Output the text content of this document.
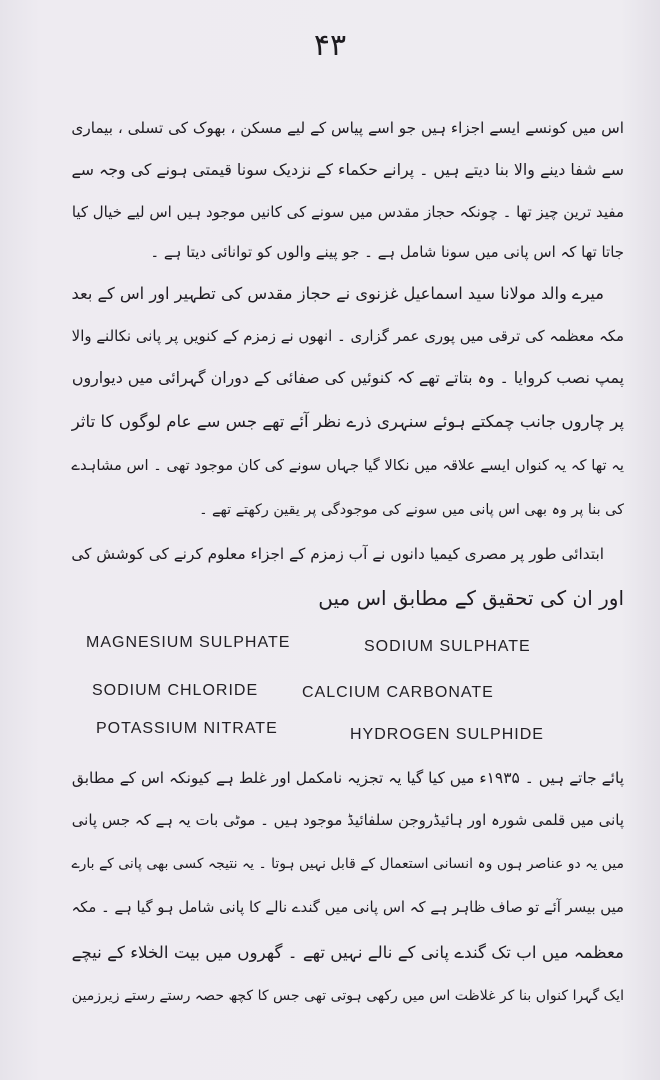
۴۳
اس میں کونسے ایسے اجزاء ہیں جو اسے پیاس کے لیے مسکن ، بھوک کی تسلی ، بیماری
سے شفا دینے والا بنا دیتے ہیں ۔ پرانے حکماء کے نزدیک سونا قیمتی ہونے کی وجہ سے
مفید ترین چیز تھا ۔ چونکہ حجاز مقدس میں سونے کی کانیں موجود ہیں اس لیے خیال کیا
جاتا تھا کہ اس پانی میں سونا شامل ہے ۔ جو پینے والوں کو توانائی دیتا ہے ۔
میرے والد مولانا سید اسماعیل غزنوی نے حجاز مقدس کی تطہیر اور اس کے بعد
مکہ معظمہ کی ترقی میں پوری عمر گزاری ۔ انھوں نے زمزم کے کنویں پر پانی نکالنے والا
پمپ نصب کروایا ۔ وہ بتاتے تھے کہ کنوئیں کی صفائی کے دوران گہرائی میں دیواروں
پر چاروں جانب چمکتے ہوئے سنہری ذرے نظر آئے تھے جس سے عام لوگوں کا تاثر
یہ تھا کہ یہ کنواں ایسے علاقہ میں نکالا گیا جہاں سونے کی کان موجود تھی ۔ اس مشاہدے
کی بنا پر وہ بھی اس پانی میں سونے کی موجودگی پر یقین رکھتے تھے ۔
ابتدائی طور پر مصری کیمیا دانوں نے آب زمزم کے اجزاء معلوم کرنے کی کوشش کی
اور ان کی تحقیق کے مطابق اس میں
MAGNESIUM SULPHATE	SODIUM SULPHATE
SODIUM CHLORIDE	CALCIUM CARBONATE
POTASSIUM NITRATE	HYDROGEN SULPHIDE
پائے جاتے ہیں ۔ ۱۹۳۵ء میں کیا گیا یہ تجزیہ نامکمل اور غلط ہے کیونکہ اس کے مطابق
پانی میں قلمی شورہ اور ہائیڈروجن سلفائیڈ موجود ہیں ۔ موٹی بات یہ ہے کہ جس پانی
میں یہ دو عناصر ہوں وہ انسانی استعمال کے قابل نہیں ہوتا ۔ یہ نتیجہ کسی بھی پانی کے بارے
میں بیسر آئے تو صاف ظاہر ہے کہ اس پانی میں گندے نالے کا پانی شامل ہو گیا ہے ۔ مکہ
معظمہ میں اب تک گندے پانی کے نالے نہیں تھے ۔ گھروں میں بیت الخلاء کے نیچے
ایک گہرا کنواں بنا کر غلاظت اس میں رکھی ہوتی تھی جس کا کچھ حصہ رستے رستے زیرزمین
